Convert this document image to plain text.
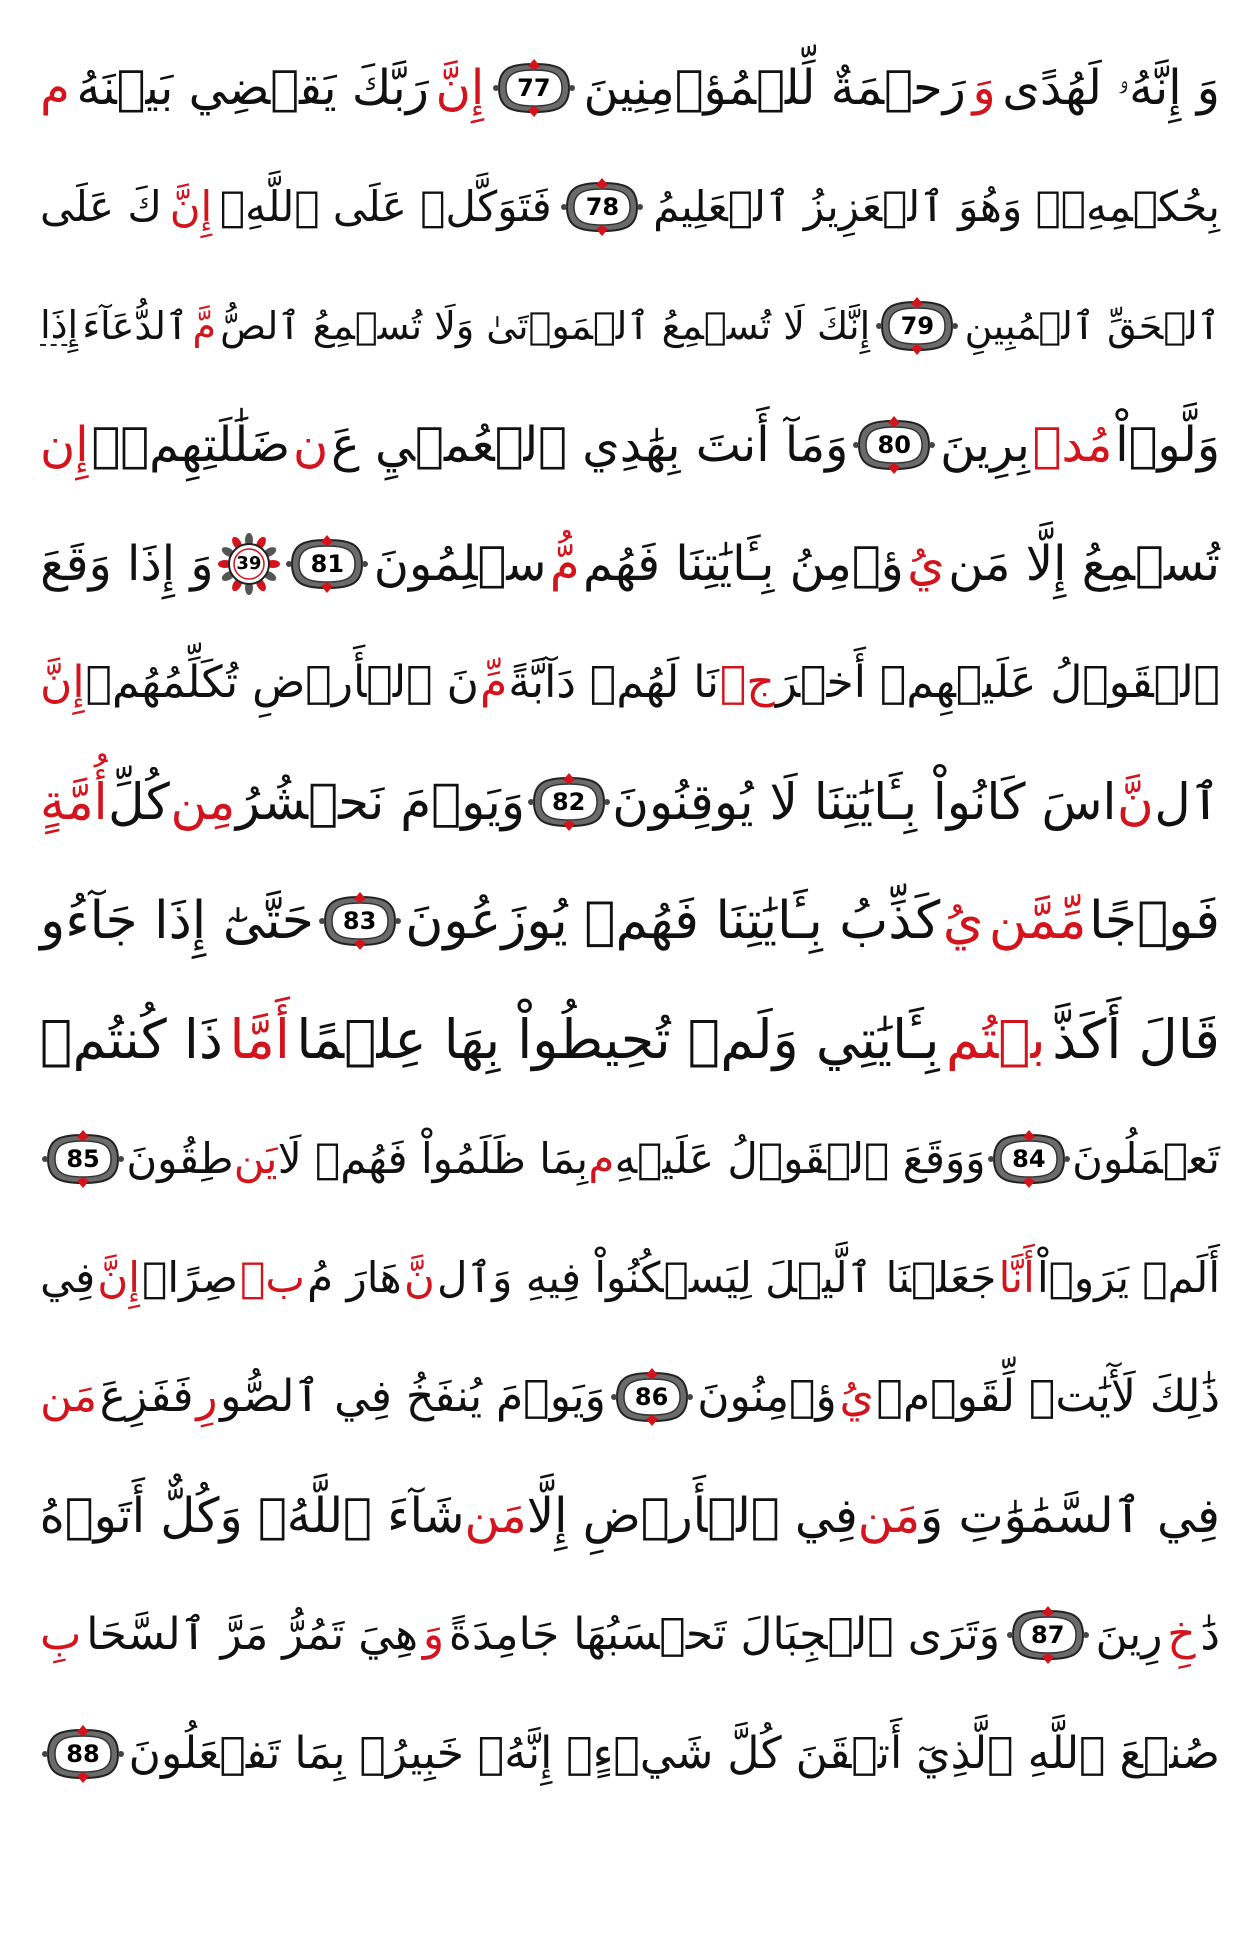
وَ إِنَّهُۥ لَهُدًى
وَ
رَحۡمَةٌ لِّلۡمُؤۡمِنِينَ
77
إِنَّ
رَبَّكَ يَقۡضِي بَيۡنَهُ
م
بِحُكۡمِهِۦۚ وَهُوَ ٱلۡعَزِيزُ ٱلۡعَلِيمُ
78
فَتَوَكَّلۡ عَلَى ٱللَّهِۖ
إِنَّ
كَ عَلَى
ٱلۡحَقِّ ٱلۡمُبِينِ
79
إِنَّكَ لَا تُسۡمِعُ ٱلۡمَوۡتَىٰ وَلَا تُسۡمِعُ ٱلصُّ
مَّ
ٱلدُّعَآءَ
إِذَا
وَلَّوۡاْ
مُدۡ
بِرِينَ
80
وَمَآ أَنتَ بِهَٰدِي ٱلۡعُمۡيِ عَ
ن
ضَلَٰلَتِهِمۡۖ
إِن
تُسۡمِعُ إِلَّا مَن
يُ
ؤۡمِنُ بِـَٔايَٰتِنَا فَهُم
مُّ
سۡلِمُونَ
81
39
وَ إِذَا وَقَعَ
ٱلۡقَوۡلُ عَلَيۡهِمۡ أَخۡرَ
جۡ
نَا لَهُمۡ دَآبَّةً
مِّ
نَ ٱلۡأَرۡضِ تُكَلِّمُهُمۡ
إِنَّ
ٱل
نَّ
اسَ كَانُواْ بِـَٔايَٰتِنَا لَا يُوقِنُونَ
82
وَيَوۡمَ نَحۡشُرُ
مِن
كُلِّ
أُمَّةٍ
فَوۡجًا
مِّمَّن
يُ
كَذِّبُ بِـَٔايَٰتِنَا فَهُمۡ يُوزَعُونَ
83
حَتَّىٰٓ إِذَا جَآءُو
قَالَ أَكَذَّ
بۡتُم
بِـَٔايَٰتِي وَلَمۡ تُحِيطُواْ بِهَا عِلۡمًا
أَمَّا
ذَا كُنتُمۡ
تَعۡمَلُونَ
84
وَوَقَعَ ٱلۡقَوۡلُ عَلَيۡهِ
م
بِمَا ظَلَمُواْ فَهُمۡ لَا
يَن
طِقُونَ
85
أَلَمۡ يَرَوۡاْ
أَنَّا
جَعَلۡنَا ٱلَّيۡلَ لِيَسۡكُنُواْ فِيهِ وَٱل
نَّ
هَارَ مُ
بۡ
صِرًاۚ
إِنَّ
فِي
ذَٰلِكَ لَأٓيَٰتٖ لِّقَوۡمٖ
يُ
ؤۡمِنُونَ
86
وَيَوۡمَ يُنفَخُ فِي ٱلصُّو
رِ
فَفَزِعَ
مَن
فِي ٱلسَّمَٰوَٰتِ وَ
مَن
فِي ٱلۡأَرۡضِ إِلَّا
مَن
شَآءَ ٱللَّهُۚ وَكُلٌّ أَتَوۡهُ
دَٰ
خِ
رِينَ
87
وَتَرَى ٱلۡجِبَالَ تَحۡسَبُهَا جَامِدَةً
وَ
هِيَ تَمُرُّ مَرَّ ٱلسَّحَا
بِ
صُنۡعَ ٱللَّهِ ٱلَّذِيٓ أَتۡقَنَ كُلَّ شَيۡءٍۚ إِنَّهُۥ خَبِيرُۢ بِمَا تَفۡعَلُونَ
88
